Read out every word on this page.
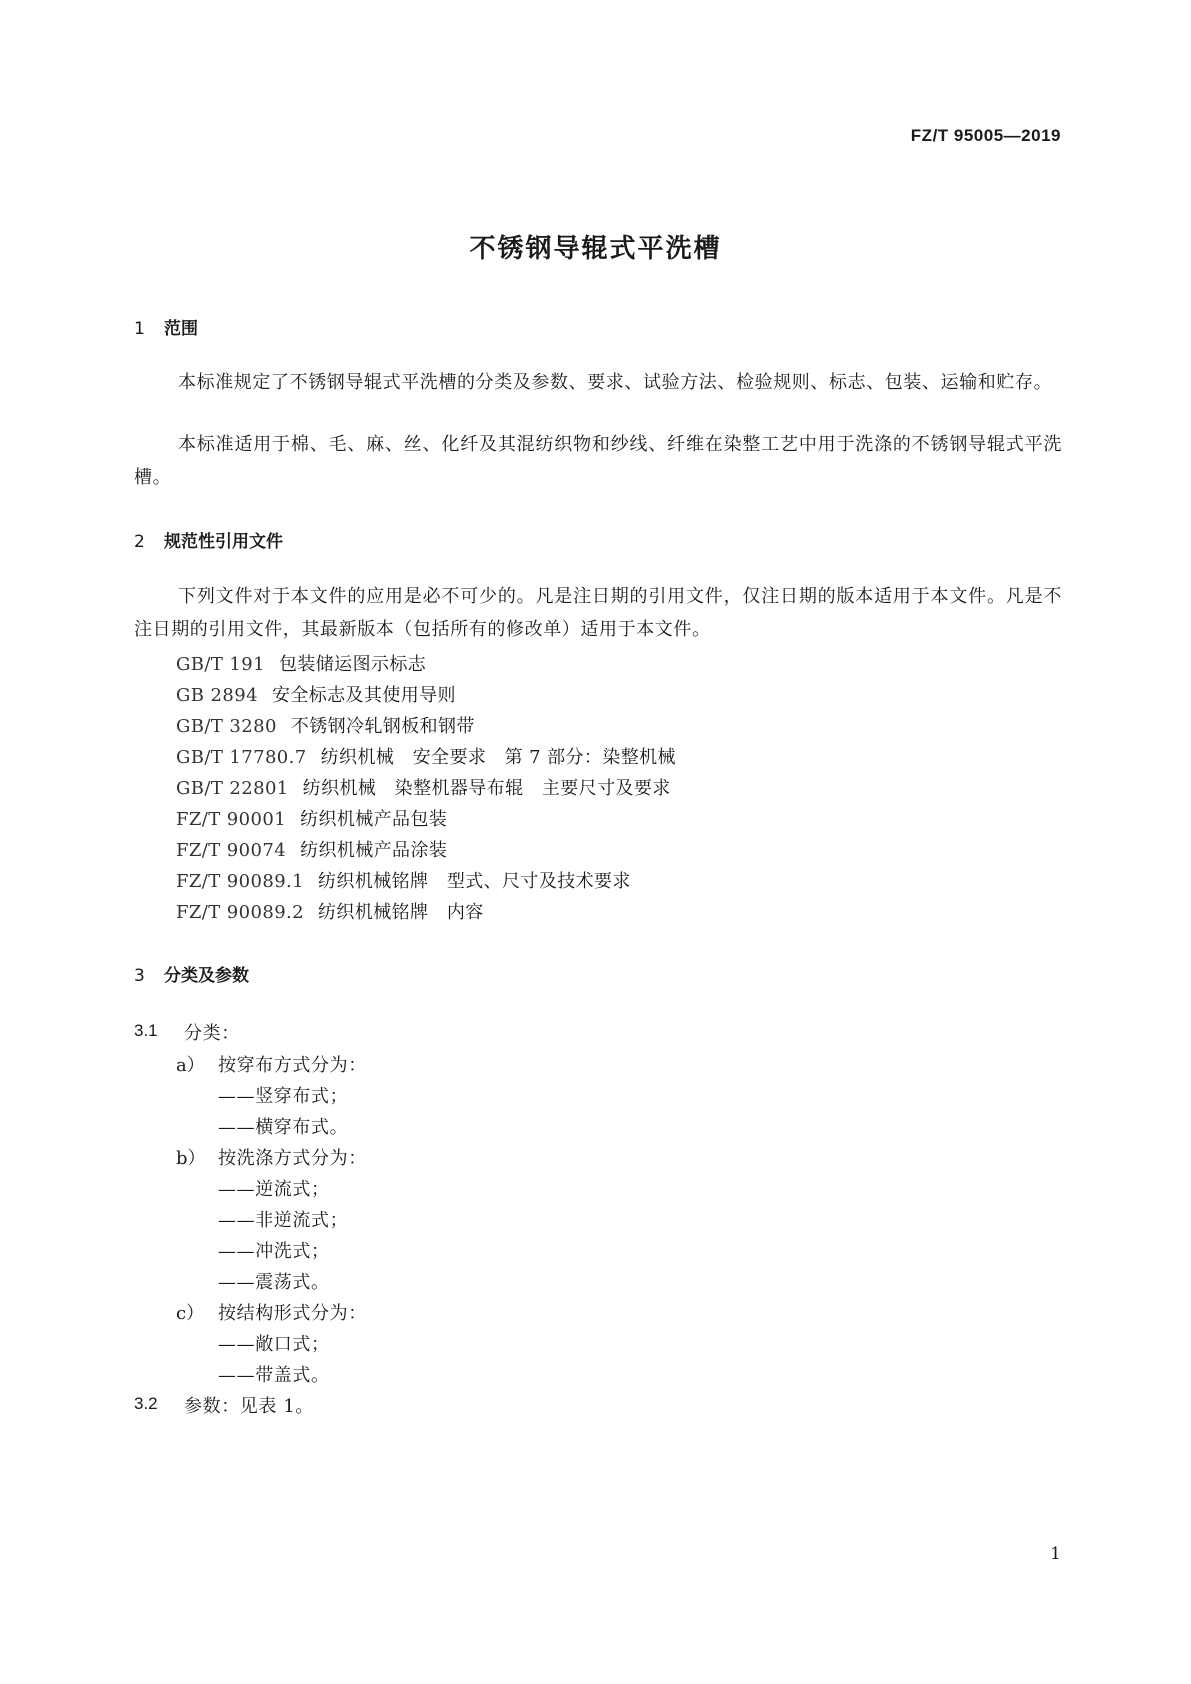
FZ/T 95005—2019
不锈钢导辊式平洗槽
1 范围
本标准规定了不锈钢导辊式平洗槽的分类及参数、要求、试验方法、检验规则、标志、包装、运输和贮存。
本标准适用于棉、毛、麻、丝、化纤及其混纺织物和纱线、纤维在染整工艺中用于洗涤的不锈钢导辊式平洗槽。
2 规范性引用文件
下列文件对于本文件的应用是必不可少的。凡是注日期的引用文件，仅注日期的版本适用于本文件。凡是不注日期的引用文件，其最新版本（包括所有的修改单）适用于本文件。
GB/T 191 包装储运图示标志
GB 2894 安全标志及其使用导则
GB/T 3280 不锈钢冷轧钢板和钢带
GB/T 17780.7 纺织机械　安全要求　第 7 部分：染整机械
GB/T 22801 纺织机械　染整机器导布辊　主要尺寸及要求
FZ/T 90001 纺织机械产品包装
FZ/T 90074 纺织机械产品涂装
FZ/T 90089.1 纺织机械铭牌　型式、尺寸及技术要求
FZ/T 90089.2 纺织机械铭牌　内容
3 分类及参数
3.1 分类：
a） 按穿布方式分为：
——竖穿布式；
——横穿布式。
b） 按洗涤方式分为：
——逆流式；
——非逆流式；
——冲洗式；
——震荡式。
c） 按结构形式分为：
——敞口式；
——带盖式。
3.2 参数：见表 1。
1
